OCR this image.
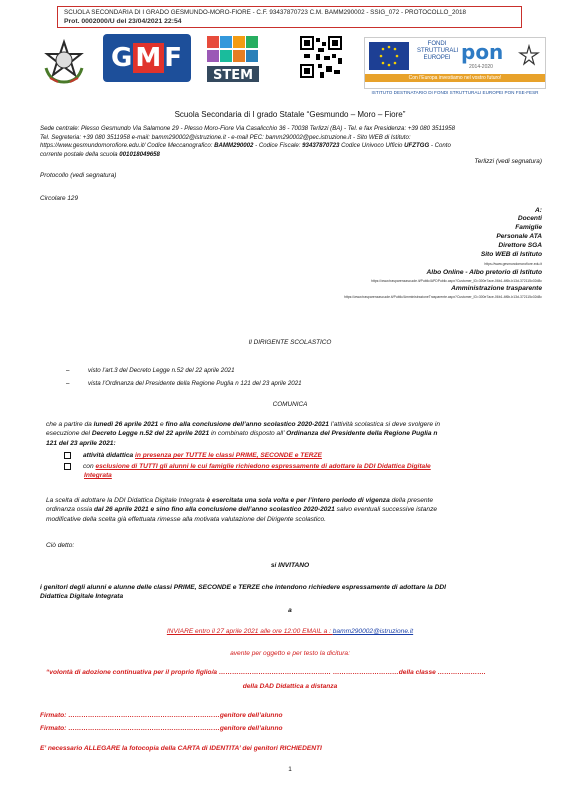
SCUOLA SECONDARIA DI I GRADO GESMUNDO-MORO-FIORE - C.F. 93437870723 C.M. BAMM290002 - SSIG_072 - PROTOCOLLO_2018
Prot. 0002000/U del 23/04/2021 22:54
GMF
STEM
FONDI STRUTTURALI EUROPEI pon
2014-2020
Con l'Europa investiamo nel vostro futuro!
ISTITUTO DESTINATARIO DI FONDI STRUTTURALI EUROPEI PON FSE-FESR
Scuola Secondaria di I grado Statale “Gesmundo – Moro – Fiore”
Sede centrale: Plesso Gesmundo Via Salamone 29 - Plesso Moro-Fiore Via Casalicchio 36 - 70038 Terlizzi (BA) - Tel. e fax Presidenza: +39 080 3511958
Tel. Segreteria: +39 080 3511958 e-mail: bamm290002@istruzione.it - e-mail PEC: bamm290002@pec.istruzione.it - Sito WEB di Istituto:
https://www.gesmundomorofiore.edu.it/ Codice Meccanografico: BAMM290002 - Codice Fiscale: 93437870723 Codice Univoco Ufficio UFZTGG - Conto
corrente postale della scuola 001018049658
Terlizzi (vedi segnatura)
Protocollo (vedi segnatura)
Circolare 129
A:
Docenti
Famiglie
Personale ATA
Direttore SGA
Sito WEB di Istituto
https://www.gesmundomorofiore.edu.it
Albo Online - Albo pretorio di Istituto
https://www.trasparenzascuole.it/Public/APDPublic.aspx?Customer_ID=300e7ace-06b1-4f6b-b13d-372115c02d8c
Amministrazione trasparente
https://www.trasparenzascuole.it/Public/AmministrazioneTrasparente.aspx?Customer_ID=300e7ace-06b1-4f6b-b13d-372115c02d8c
Il DIRIGENTE SCOLASTICO
–	visto l’art.3 del Decreto Legge n.52 del 22 aprile 2021
–	vista l’Ordinanza del Presidente della Regione Puglia n 121 del 23 aprile 2021
COMUNICA
che a partire da lunedì 26 aprile 2021 e fino alla conclusione dell’anno scolastico 2020-2021 l’attività scolastica si deve svolgere in
esecuzione del Decreto Legge n.52 del 22 aprile 2021 in combinato disposto all’ Ordinanza del Presidente della Regione Puglia n
121 del 23 aprile 2021:
attività didattica in presenza per TUTTE le classi PRIME, SECONDE e TERZE
con esclusione di TUTTI gli alunni le cui famiglie richiedono espressamente di adottare la DDI Didattica Digitale
Integrata
La scelta di adottare la DDI Didattica Digitale Integrata è esercitata una sola volta e per l’intero periodo di vigenza della presente
ordinanza ossia dal 26 aprile 2021 e sino fino alla conclusione dell’anno scolastico 2020-2021 salvo eventuali successive istanze
modificative della scelta già effettuata rimesse alla motivata valutazione del Dirigente scolastico.
Ciò detto:
si INVITANO
i genitori degli alunni e alunne delle classi PRIME, SECONDE e TERZE che intendono richiedere espressamente di adottare la DDI
Didattica Digitale Integrata
a
INVIARE entro il 27 aprile 2021 alle ore 12:00 EMAIL a : bamm290002@istruzione.it
avente per oggetto e per testo la dicitura:
“volontà di adozione continuativa per il proprio figlio/a …………………………………………… …………………………della classe ………………….
della DAD Didattica a distanza
Firmato: ……………………………………………………………genitore dell’alunno
Firmato: ……………………………………………………………genitore dell’alunno
E’ necessario ALLEGARE la fotocopia della CARTA di IDENTITA’ dei genitori RICHIEDENTI
1
